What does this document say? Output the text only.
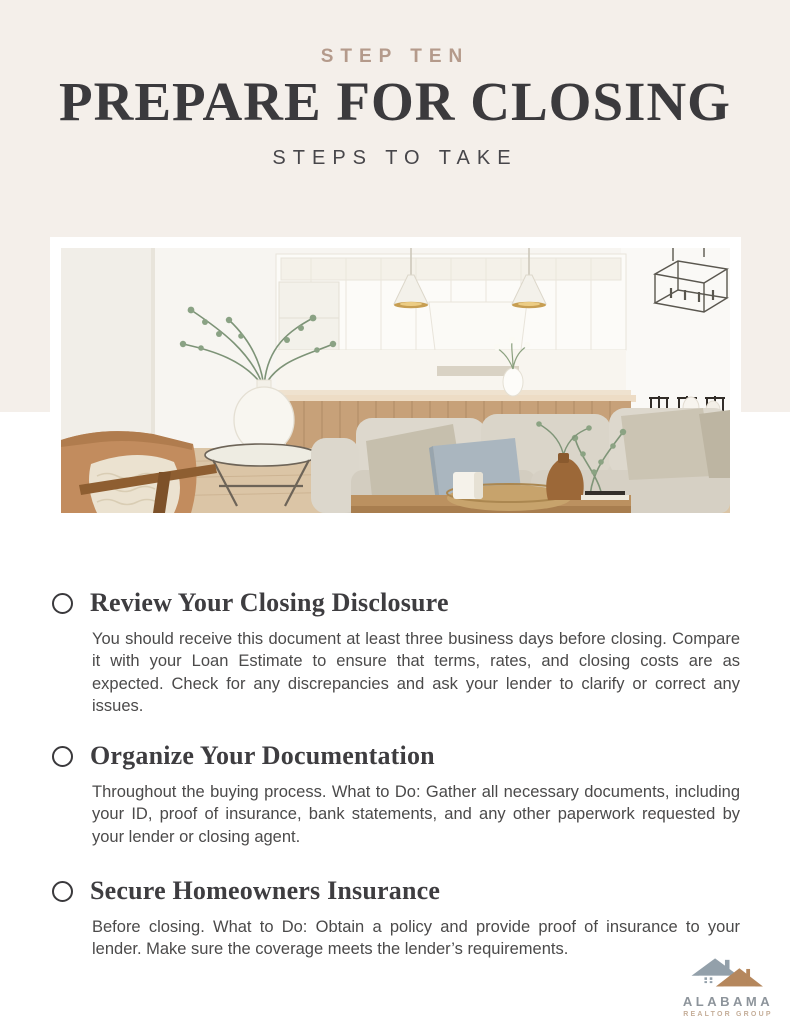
STEP TEN
PREPARE FOR CLOSING
STEPS TO TAKE
Review Your Closing Disclosure

You should receive this document at least three business days before closing. Compare it with your Loan Estimate to ensure that terms, rates, and closing costs are as expected. Check for any discrepancies and ask your lender to clarify or correct any issues.

Organize Your Documentation

Throughout the buying process. What to Do: Gather all necessary documents, including your ID, proof of insurance, bank statements, and any other paperwork requested by your lender or closing agent.

Secure Homeowners Insurance

Before closing. What to Do: Obtain a policy and provide proof of insurance to your lender. Make sure the coverage meets the lender’s requirements.

ALABAMA
REALTOR GROUP
